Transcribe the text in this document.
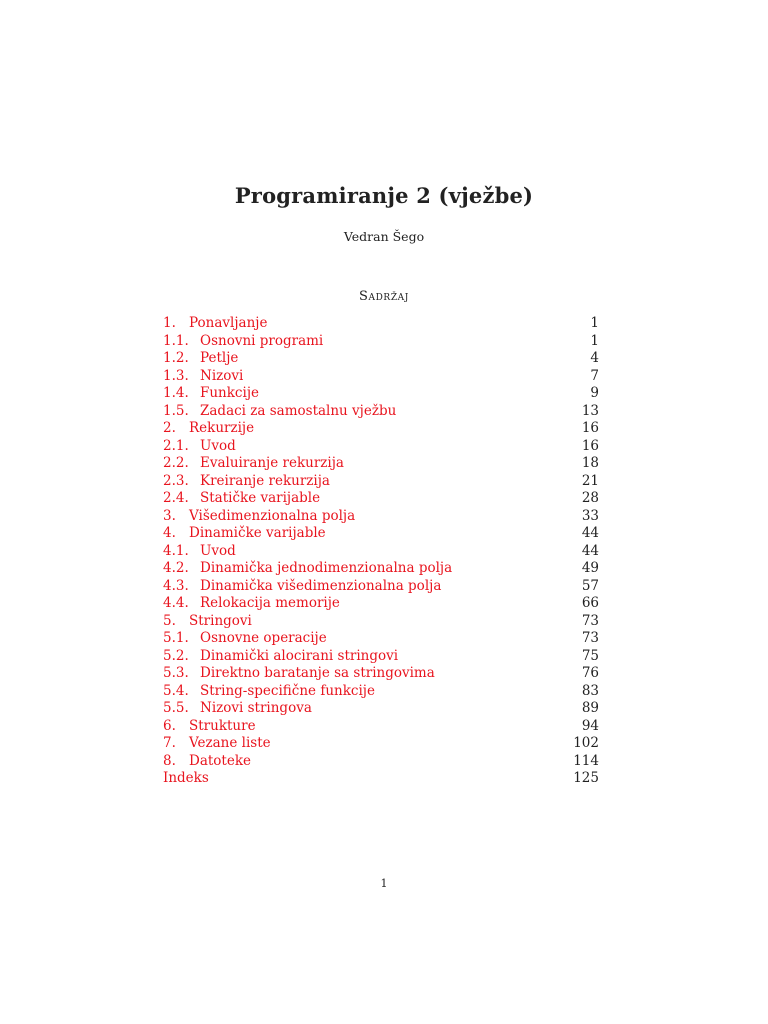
Programiranje 2 (vježbe)
Vedran Šego
Sadržaj
1. Ponavljanje	1
1.1. Osnovni programi	1
1.2. Petlje	4
1.3. Nizovi	7
1.4. Funkcije	9
1.5. Zadaci za samostalnu vježbu	13
2. Rekurzije	16
2.1. Uvod	16
2.2. Evaluiranje rekurzija	18
2.3. Kreiranje rekurzija	21
2.4. Statičke varijable	28
3. Višedimenzionalna polja	33
4. Dinamičke varijable	44
4.1. Uvod	44
4.2. Dinamička jednodimenzionalna polja	49
4.3. Dinamička višedimenzionalna polja	57
4.4. Relokacija memorije	66
5. Stringovi	73
5.1. Osnovne operacije	73
5.2. Dinamički alocirani stringovi	75
5.3. Direktno baratanje sa stringovima	76
5.4. String-specifične funkcije	83
5.5. Nizovi stringova	89
6. Strukture	94
7. Vezane liste	102
8. Datoteke	114
Indeks	125
1
